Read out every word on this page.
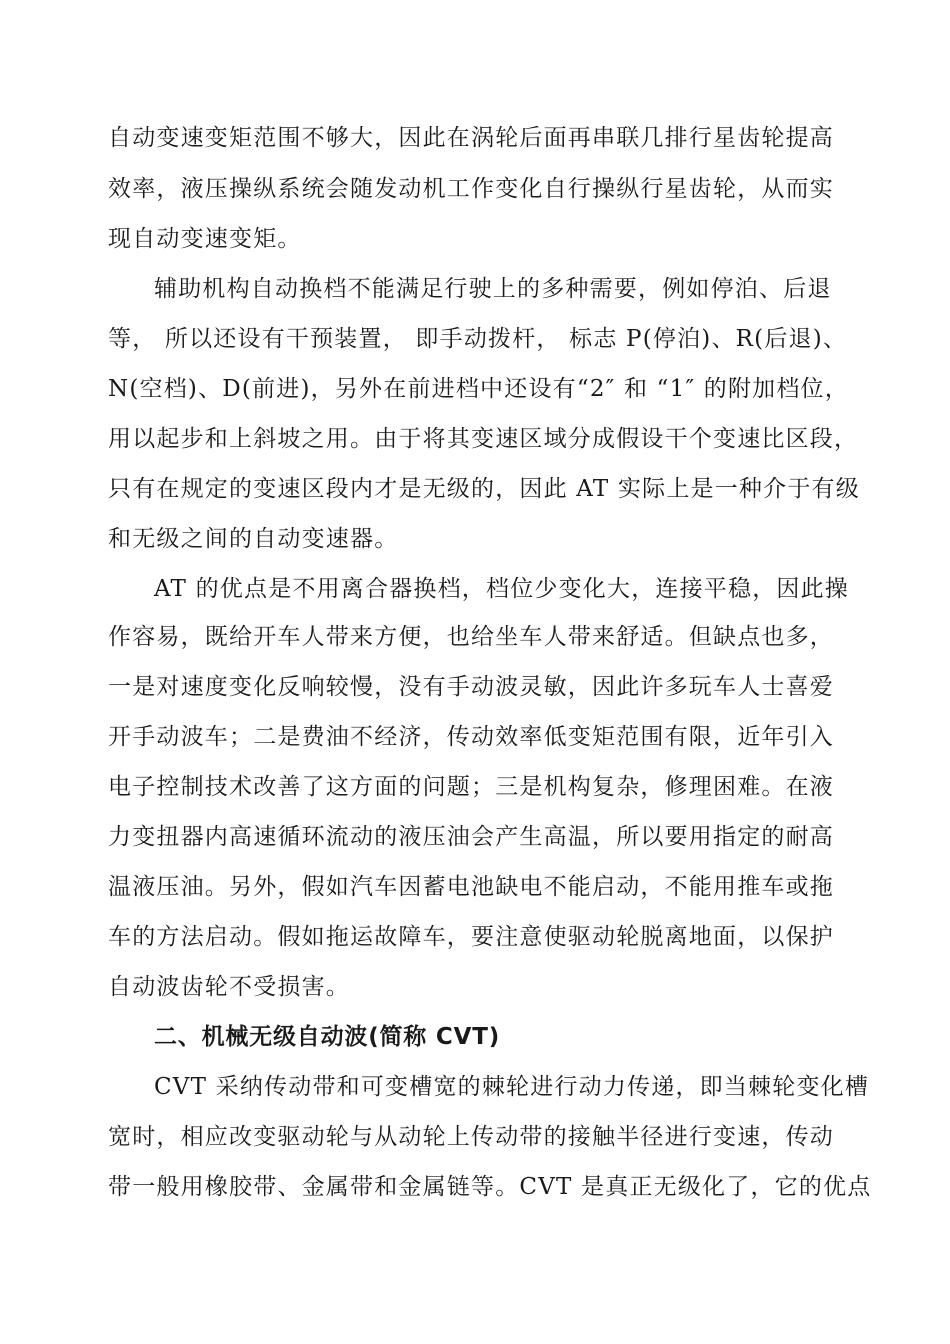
自动变速变矩范围不够大，因此在涡轮后面再串联几排行星齿轮提高
效率，液压操纵系统会随发动机工作变化自行操纵行星齿轮，从而实
现自动变速变矩。
辅助机构自动换档不能满足行驶上的多种需要，例如停泊、后退
等， 所以还设有干预装置， 即手动拨杆， 标志 P(停泊)、R(后退)、
N(空档)、D(前进)，另外在前进档中还设有“2″ 和 “1″ 的附加档位，
用以起步和上斜坡之用。由于将其变速区域分成假设干个变速比区段，
只有在规定的变速区段内才是无级的，因此 AT 实际上是一种介于有级
和无级之间的自动变速器。
AT 的优点是不用离合器换档，档位少变化大，连接平稳，因此操
作容易，既给开车人带来方便，也给坐车人带来舒适。但缺点也多，
一是对速度变化反响较慢，没有手动波灵敏，因此许多玩车人士喜爱
开手动波车；二是费油不经济，传动效率低变矩范围有限，近年引入
电子控制技术改善了这方面的问题；三是机构复杂，修理困难。在液
力变扭器内高速循环流动的液压油会产生高温，所以要用指定的耐高
温液压油。另外，假如汽车因蓄电池缺电不能启动，不能用推车或拖
车的方法启动。假如拖运故障车，要注意使驱动轮脱离地面，以保护
自动波齿轮不受损害。
二、机械无级自动波(简称 CVT)
CVT 采纳传动带和可变槽宽的棘轮进行动力传递，即当棘轮变化槽
宽时，相应改变驱动轮与从动轮上传动带的接触半径进行变速，传动
带一般用橡胶带、金属带和金属链等。CVT 是真正无级化了，它的优点
